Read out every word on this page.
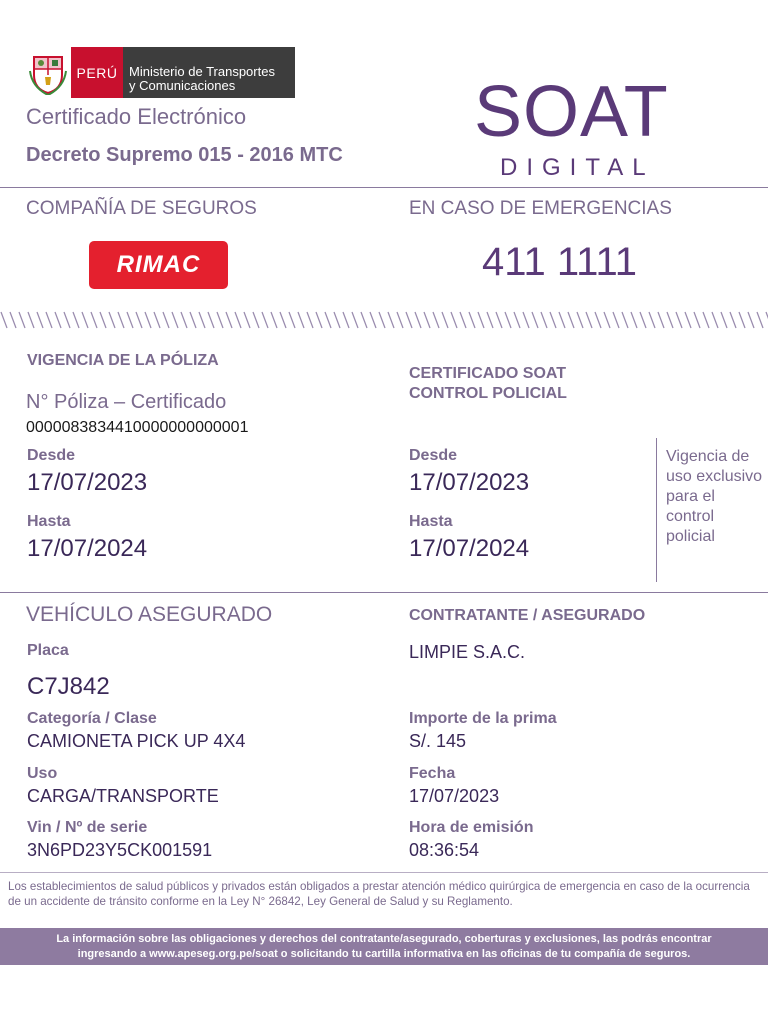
PERÚ Ministerio de Transportes
y Comunicaciones
Certificado Electrónico
Decreto Supremo 015 - 2016 MTC
SOAT
DIGITAL
COMPAÑÍA DE SEGUROS
RIMAC
EN CASO DE EMERGENCIAS
411 1111
VIGENCIA DE LA PÓLIZA
N° Póliza – Certificado
0000083834410000000000001
Desde
17/07/2023
Hasta
17/07/2024
CERTIFICADO SOAT
CONTROL POLICIAL
Desde
17/07/2023
Hasta
17/07/2024
Vigencia de uso exclusivo para el control policial
VEHÍCULO ASEGURADO
Placa
C7J842
Categoría / Clase
CAMIONETA PICK UP 4X4
Uso
CARGA/TRANSPORTE
Vin / Nº de serie
3N6PD23Y5CK001591
CONTRATANTE / ASEGURADO
LIMPIE S.A.C.
Importe de la prima
S/. 145
Fecha
17/07/2023
Hora de emisión
08:36:54
Los establecimientos de salud públicos y privados están obligados a prestar atención médico quirúrgica de emergencia en caso de la ocurrencia de un accidente de tránsito conforme en la Ley N° 26842, Ley General de Salud y su Reglamento.
La información sobre las obligaciones y derechos del contratante/asegurado, coberturas y exclusiones, las podrás encontrar
ingresando a www.apeseg.org.pe/soat o solicitando tu cartilla informativa en las oficinas de tu compañía de seguros.
